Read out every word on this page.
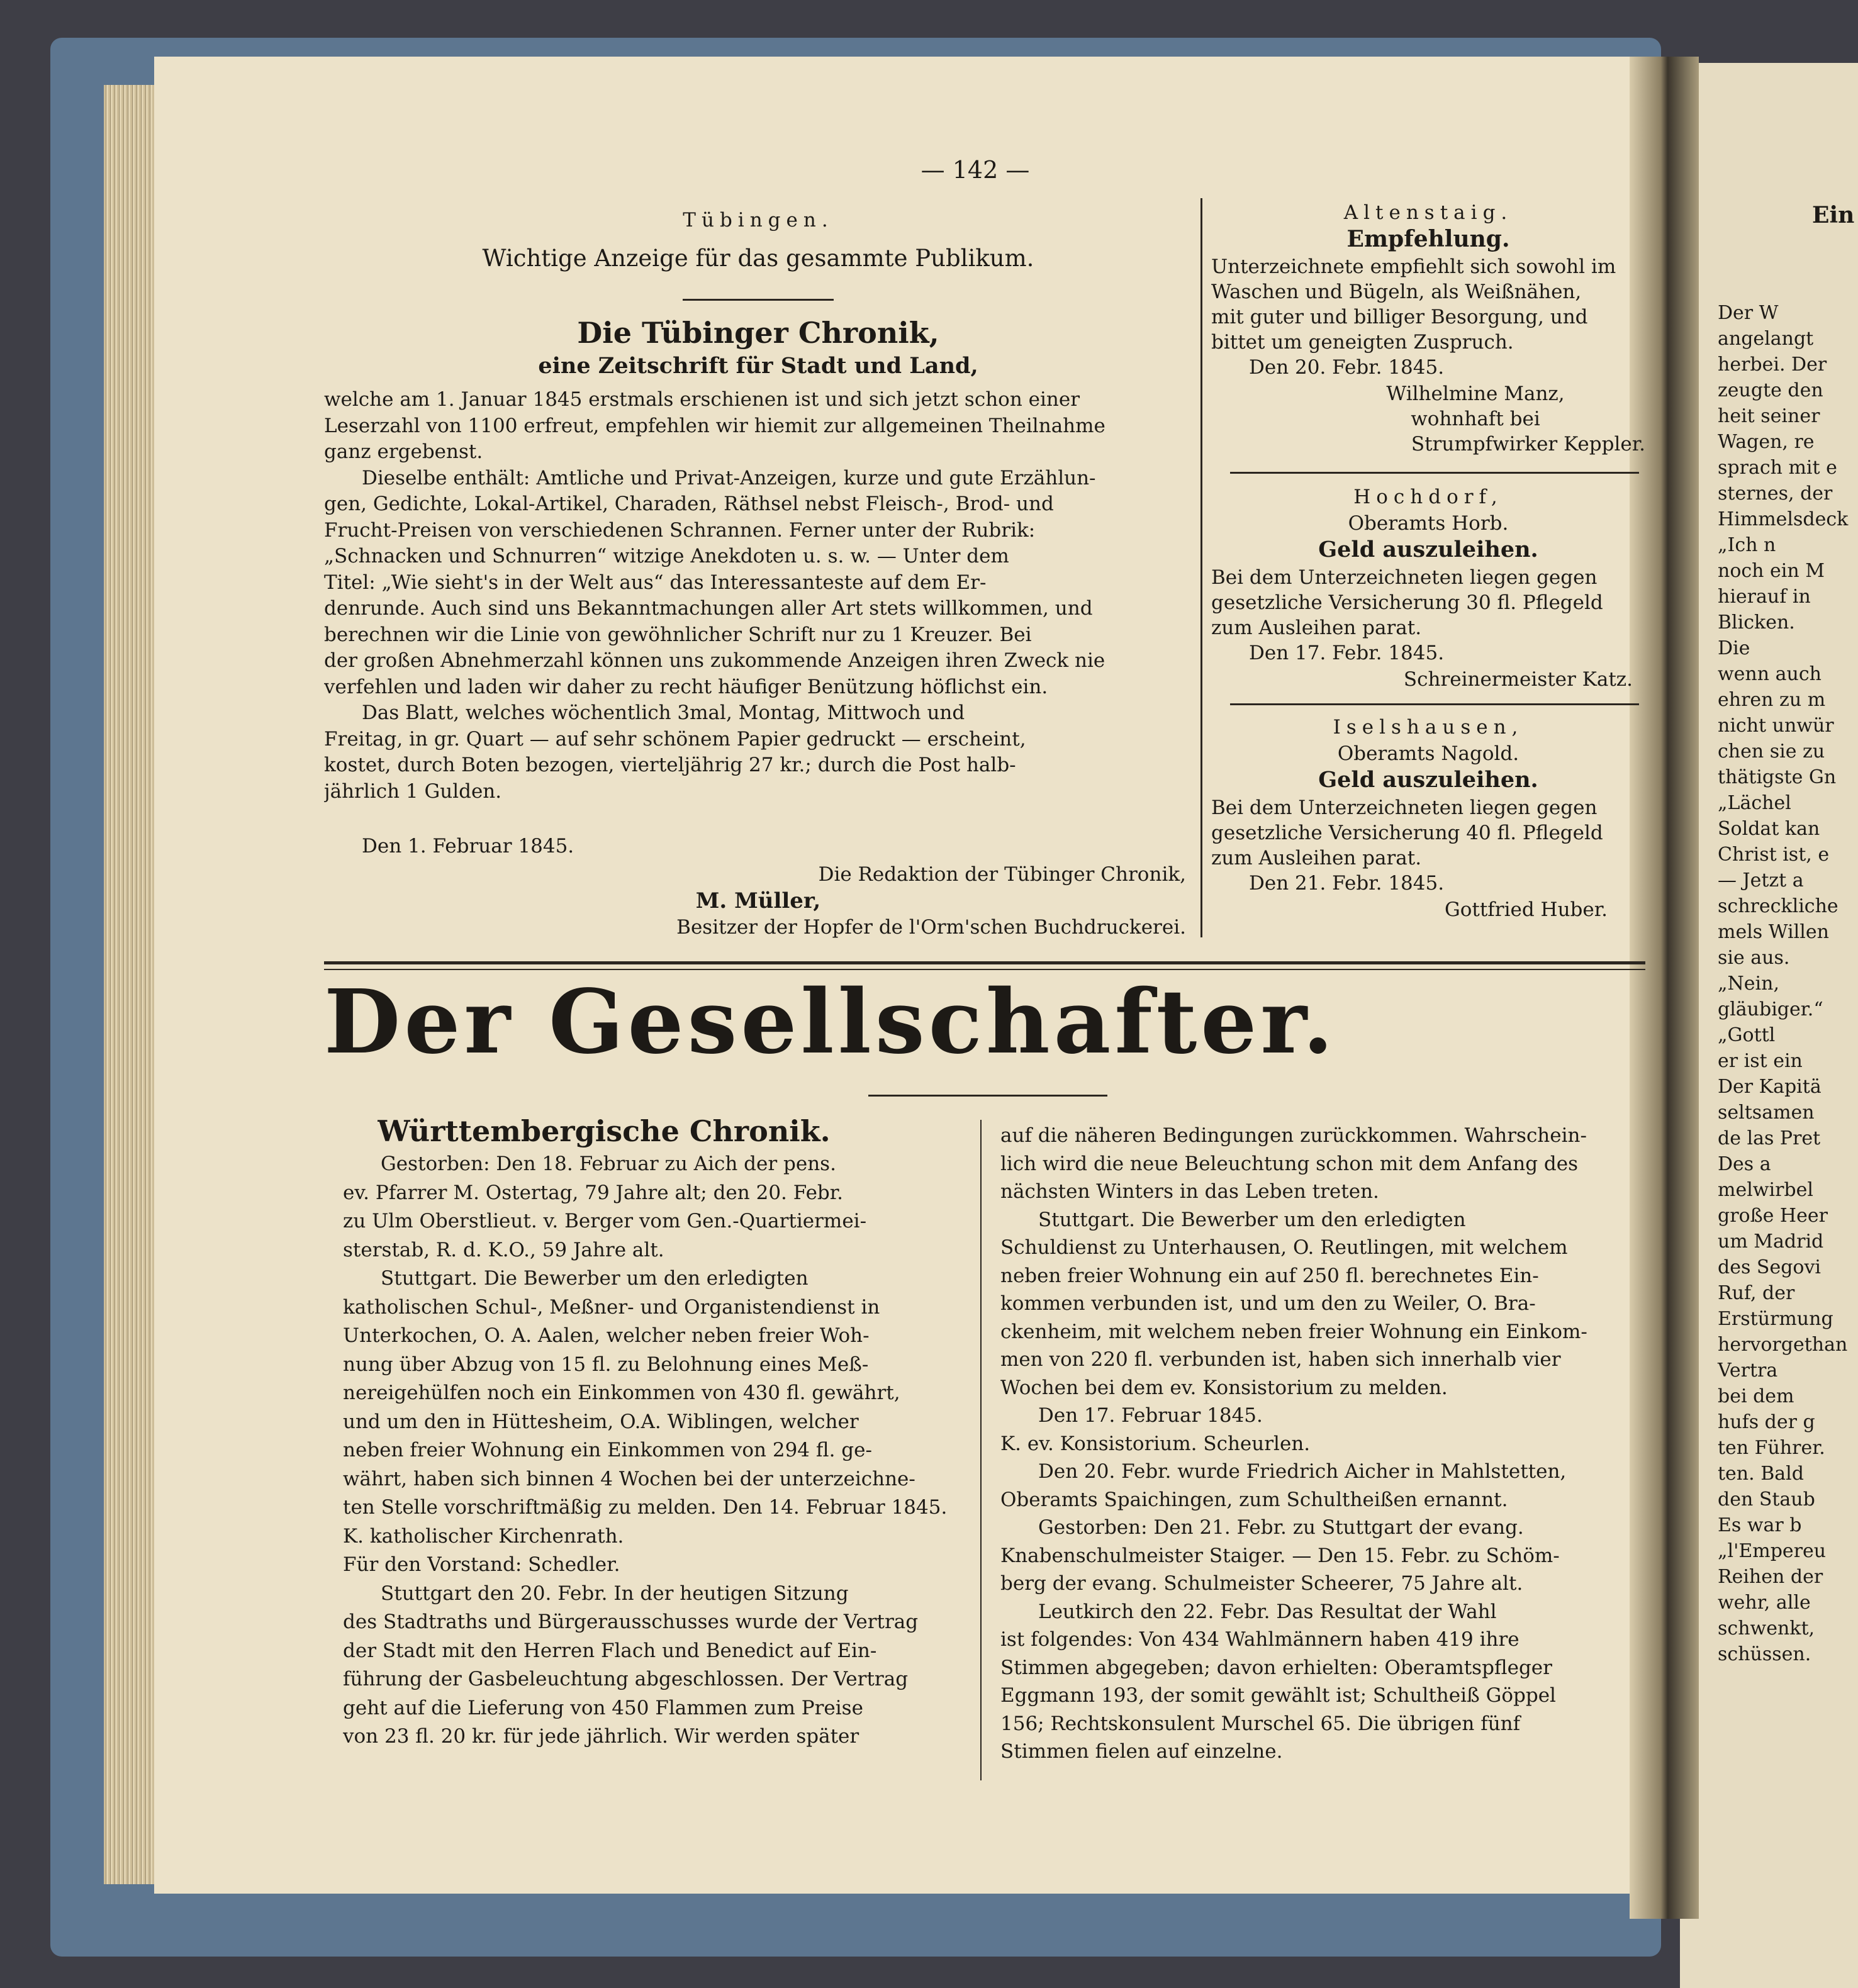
Ein
Der W
angelangt
herbei. Der
zeugte den
heit seiner
Wagen, re
sprach mit e
sternes, der
Himmelsdeck
„Ich n
noch ein M
hierauf in
Blicken.
Die
wenn auch
ehren zu m
nicht unwür
chen sie zu
thätigste Gn
„Lächel
Soldat kan
Christ ist, e
— Jetzt a
schreckliche
mels Willen
sie aus.
„Nein,
gläubiger.“
„Gottl
er ist ein
Der Kapitä
seltsamen
de las Pret
Des a
melwirbel
große Heer
um Madrid
des Segovi
Ruf, der
Erstürmung
hervorgethan
Vertra
bei dem
hufs der g
ten Führer.
ten. Bald
den Staub
Es war b
„l'Empereu
Reihen der
wehr, alle
schwenkt,
schüssen.
— 142 —
Tübingen.
Wichtige Anzeige für das gesammte Publikum.
Die Tübinger Chronik,
eine Zeitschrift für Stadt und Land,
welche am 1. Januar 1845 erstmals erschienen ist und sich jetzt schon einer
Leserzahl von 1100 erfreut, empfehlen wir hiemit zur allgemeinen Theilnahme
ganz ergebenst.
Dieselbe enthält: Amtliche und Privat-Anzeigen, kurze und gute Erzählun-
gen, Gedichte, Lokal-Artikel, Charaden, Räthsel nebst Fleisch-, Brod- und
Frucht-Preisen von verschiedenen Schrannen. Ferner unter der Rubrik:
„Schnacken und Schnurren“ witzige Anekdoten u. s. w. — Unter dem
Titel: „Wie sieht's in der Welt aus“ das Interessanteste auf dem Er-
denrunde. Auch sind uns Bekanntmachungen aller Art stets willkommen, und
berechnen wir die Linie von gewöhnlicher Schrift nur zu 1 Kreuzer. Bei
der großen Abnehmerzahl können uns zukommende Anzeigen ihren Zweck nie
verfehlen und laden wir daher zu recht häufiger Benützung höflichst ein.
Das Blatt, welches wöchentlich 3mal, Montag, Mittwoch und
Freitag, in gr. Quart — auf sehr schönem Papier gedruckt — erscheint,
kostet, durch Boten bezogen, vierteljährig 27 kr.; durch die Post halb-
jährlich 1 Gulden.
Den 1. Februar 1845.
Die Redaktion der Tübinger Chronik,
M. Müller,
Besitzer der Hopfer de l'Orm'schen Buchdruckerei.
Altenstaig.
Empfehlung.
Unterzeichnete empfiehlt sich sowohl im
Waschen und Bügeln, als Weißnähen,
mit guter und billiger Besorgung, und
bittet um geneigten Zuspruch.
Den 20. Febr. 1845.
Wilhelmine Manz,
wohnhaft bei
Strumpfwirker Keppler.
Hochdorf,
Oberamts Horb.
Geld auszuleihen.
Bei dem Unterzeichneten liegen gegen
gesetzliche Versicherung 30 fl. Pflegeld
zum Ausleihen parat.
Den 17. Febr. 1845.
Schreinermeister Katz.
Iselshausen,
Oberamts Nagold.
Geld auszuleihen.
Bei dem Unterzeichneten liegen gegen
gesetzliche Versicherung 40 fl. Pflegeld
zum Ausleihen parat.
Den 21. Febr. 1845.
Gottfried Huber.
Der Gesellschafter.
Württembergische Chronik.
Gestorben: Den 18. Februar zu Aich der pens.
ev. Pfarrer M. Ostertag, 79 Jahre alt; den 20. Febr.
zu Ulm Oberstlieut. v. Berger vom Gen.-Quartiermei-
sterstab, R. d. K.O., 59 Jahre alt.
Stuttgart. Die Bewerber um den erledigten
katholischen Schul-, Meßner- und Organistendienst in
Unterkochen, O. A. Aalen, welcher neben freier Woh-
nung über Abzug von 15 fl. zu Belohnung eines Meß-
nereigehülfen noch ein Einkommen von 430 fl. gewährt,
und um den in Hüttesheim, O.A. Wiblingen, welcher
neben freier Wohnung ein Einkommen von 294 fl. ge-
währt, haben sich binnen 4 Wochen bei der unterzeichne-
ten Stelle vorschriftmäßig zu melden. Den 14. Februar 1845.
K. katholischer Kirchenrath.
Für den Vorstand: Schedler.
Stuttgart den 20. Febr. In der heutigen Sitzung
des Stadtraths und Bürgerausschusses wurde der Vertrag
der Stadt mit den Herren Flach und Benedict auf Ein-
führung der Gasbeleuchtung abgeschlossen. Der Vertrag
geht auf die Lieferung von 450 Flammen zum Preise
von 23 fl. 20 kr. für jede jährlich. Wir werden später
auf die näheren Bedingungen zurückkommen. Wahrschein-
lich wird die neue Beleuchtung schon mit dem Anfang des
nächsten Winters in das Leben treten.
Stuttgart. Die Bewerber um den erledigten
Schuldienst zu Unterhausen, O. Reutlingen, mit welchem
neben freier Wohnung ein auf 250 fl. berechnetes Ein-
kommen verbunden ist, und um den zu Weiler, O. Bra-
ckenheim, mit welchem neben freier Wohnung ein Einkom-
men von 220 fl. verbunden ist, haben sich innerhalb vier
Wochen bei dem ev. Konsistorium zu melden.
Den 17. Februar 1845.
K. ev. Konsistorium. Scheurlen.
Den 20. Febr. wurde Friedrich Aicher in Mahlstetten,
Oberamts Spaichingen, zum Schultheißen ernannt.
Gestorben: Den 21. Febr. zu Stuttgart der evang.
Knabenschulmeister Staiger. — Den 15. Febr. zu Schöm-
berg der evang. Schulmeister Scheerer, 75 Jahre alt.
Leutkirch den 22. Febr. Das Resultat der Wahl
ist folgendes: Von 434 Wahlmännern haben 419 ihre
Stimmen abgegeben; davon erhielten: Oberamtspfleger
Eggmann 193, der somit gewählt ist; Schultheiß Göppel
156; Rechtskonsulent Murschel 65. Die übrigen fünf
Stimmen fielen auf einzelne.
